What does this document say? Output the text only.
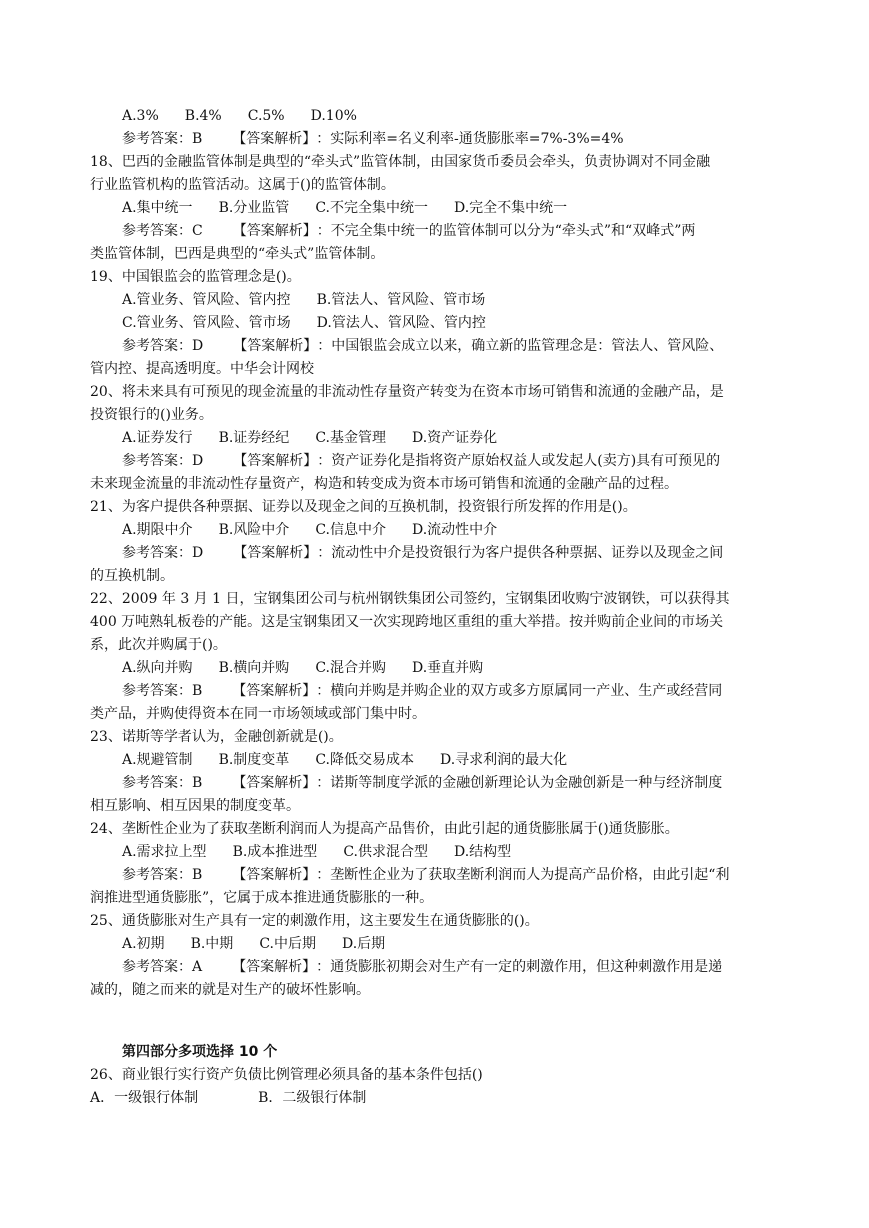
A.3% B.4% C.5% D.10%
参考答案：B 【答案解析】：实际利率=名义利率-通货膨胀率=7%-3%=4%
18、巴西的金融监管体制是典型的“牵头式”监管体制，由国家货币委员会牵头，负责协调对不同金融
行业监管机构的监管活动。这属于()的监管体制。
A.集中统一 B.分业监管 C.不完全集中统一 D.完全不集中统一
参考答案：C 【答案解析】：不完全集中统一的监管体制可以分为“牵头式”和“双峰式”两
类监管体制，巴西是典型的“牵头式”监管体制。
19、中国银监会的监管理念是()。
A.管业务、管风险、管内控 B.管法人、管风险、管市场
C.管业务、管风险、管市场 D.管法人、管风险、管内控
参考答案：D 【答案解析】：中国银监会成立以来，确立新的监管理念是：管法人、管风险、
管内控、提高透明度。中华会计网校
20、将未来具有可预见的现金流量的非流动性存量资产转变为在资本市场可销售和流通的金融产品，是
投资银行的()业务。
A.证券发行 B.证券经纪 C.基金管理 D.资产证券化
参考答案：D 【答案解析】：资产证券化是指将资产原始权益人或发起人(卖方)具有可预见的
未来现金流量的非流动性存量资产，构造和转变成为资本市场可销售和流通的金融产品的过程。
21、为客户提供各种票据、证券以及现金之间的互换机制，投资银行所发挥的作用是()。
A.期限中介 B.风险中介 C.信息中介 D.流动性中介
参考答案：D 【答案解析】：流动性中介是投资银行为客户提供各种票据、证券以及现金之间
的互换机制。
22、2009 年 3 月 1 日，宝钢集团公司与杭州钢铁集团公司签约，宝钢集团收购宁波钢铁，可以获得其
400 万吨熟轧板卷的产能。这是宝钢集团又一次实现跨地区重组的重大举措。按并购前企业间的市场关
系，此次并购属于()。
A.纵向并购 B.横向并购 C.混合并购 D.垂直并购
参考答案：B 【答案解析】：横向并购是并购企业的双方或多方原属同一产业、生产或经营同
类产品，并购使得资本在同一市场领域或部门集中时。
23、诺斯等学者认为，金融创新就是()。
A.规避管制 B.制度变革 C.降低交易成本 D.寻求利润的最大化
参考答案：B 【答案解析】：诺斯等制度学派的金融创新理论认为金融创新是一种与经济制度
相互影响、相互因果的制度变革。
24、垄断性企业为了获取垄断利润而人为提高产品售价，由此引起的通货膨胀属于()通货膨胀。
A.需求拉上型 B.成本推进型 C.供求混合型 D.结构型
参考答案：B 【答案解析】：垄断性企业为了获取垄断利润而人为提高产品价格，由此引起“利
润推进型通货膨胀”，它属于成本推进通货膨胀的一种。
25、通货膨胀对生产具有一定的刺激作用，这主要发生在通货膨胀的()。
A.初期 B.中期 C.中后期 D.后期
参考答案：A 【答案解析】：通货膨胀初期会对生产有一定的刺激作用，但这种刺激作用是递
减的，随之而来的就是对生产的破坏性影响。
第四部分多项选择 10 个
26、商业银行实行资产负债比例管理必须具备的基本条件包括()
A．一级银行体制	B．二级银行体制
